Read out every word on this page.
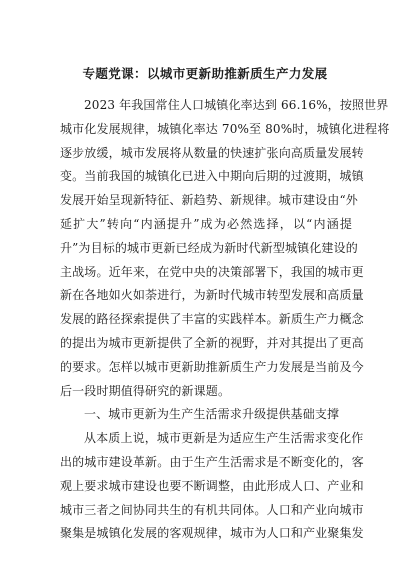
专题党课：以城市更新助推新质生产力发展
2023 年我国常住人口城镇化率达到 66.16%，按照世界
城市化发展规律，城镇化率达 70%至 80%时，城镇化进程将
逐步放缓，城市发展将从数量的快速扩张向高质量发展转
变。当前我国的城镇化已进入中期向后期的过渡期，城镇
发展开始呈现新特征、新趋势、新规律。城市建设由“外
延扩大”转向“内涵提升”成为必然选择，以“内涵提
升”为目标的城市更新已经成为新时代新型城镇化建设的
主战场。近年来，在党中央的决策部署下，我国的城市更
新在各地如火如荼进行，为新时代城市转型发展和高质量
发展的路径探索提供了丰富的实践样本。新质生产力概念
的提出为城市更新提供了全新的视野，并对其提出了更高
的要求。怎样以城市更新助推新质生产力发展是当前及今
后一段时期值得研究的新课题。
一、城市更新为生产生活需求升级提供基础支撑
从本质上说，城市更新是为适应生产生活需求变化作
出的城市建设革新。由于生产生活需求是不断变化的，客
观上要求城市建设也要不断调整，由此形成人口、产业和
城市三者之间协同共生的有机共同体。人口和产业向城市
聚集是城镇化发展的客观规律，城市为人口和产业聚集发
